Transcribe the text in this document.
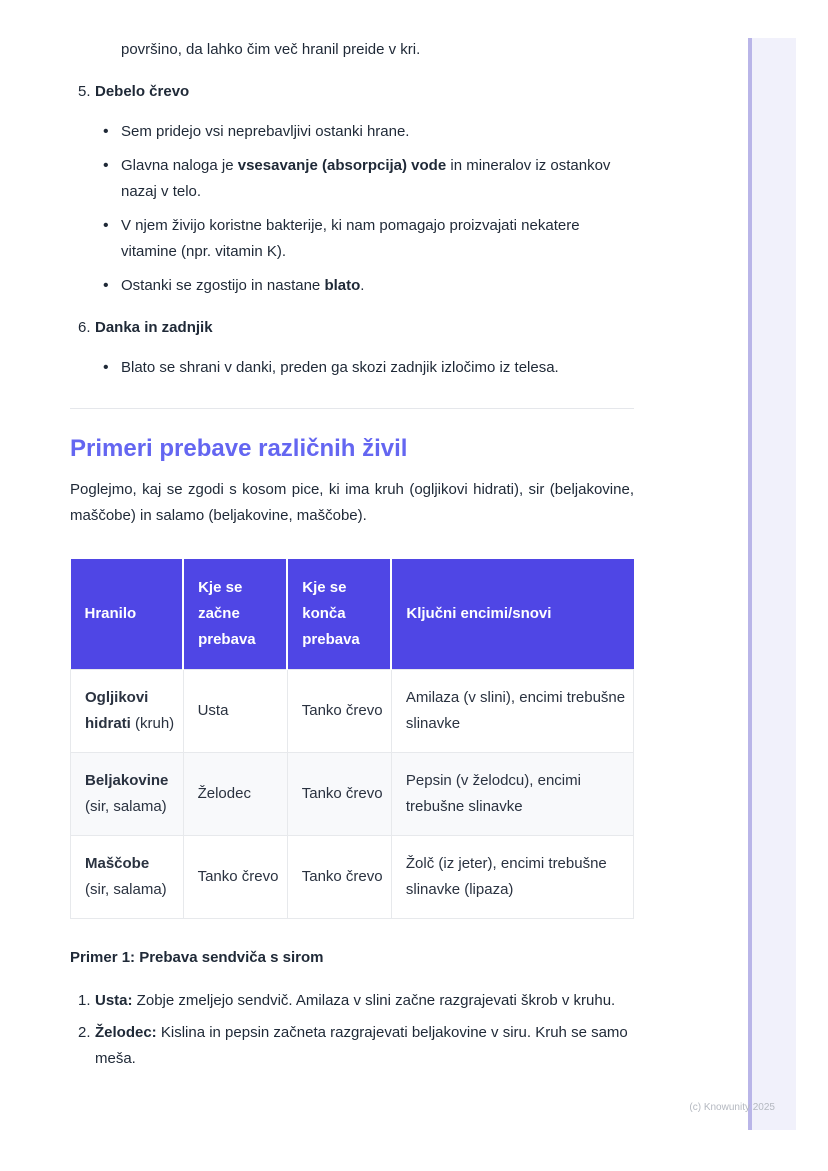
površino, da lahko čim več hranil preide v kri.

5. Debelo črevo
• Sem pridejo vsi neprebavljivi ostanki hrane.
• Glavna naloga je vsesavanje (absorpcija) vode in mineralov iz ostankov nazaj v telo.
• V njem živijo koristne bakterije, ki nam pomagajo proizvajati nekatere vitamine (npr. vitamin K).
• Ostanki se zgostijo in nastane blato.
6. Danka in zadnjik
• Blato se shrani v danki, preden ga skozi zadnjik izločimo iz telesa.
Primeri prebave različnih živil

Poglejmo, kaj se zgodi s kosom pice, ki ima kruh (ogljikovi hidrati), sir (beljakovine, maščobe) in salamo (beljakovine, maščobe).

Hranilo	Kje se začne prebava	Kje se konča prebava	Ključni encimi/snovi
Ogljikovi hidrati (kruh)	Usta	Tanko črevo	Amilaza (v slini), encimi trebušne slinavke
Beljakovine (sir, salama)	Želodec	Tanko črevo	Pepsin (v želodcu), encimi trebušne slinavke
Maščobe (sir, salama)	Tanko črevo	Tanko črevo	Žolč (iz jeter), encimi trebušne slinavke (lipaza)
Primer 1: Prebava sendviča s sirom
1. Usta: Zobje zmeljejo sendvič. Amilaza v slini začne razgrajevati škrob v kruhu.
2. Želodec: Kislina in pepsin začneta razgrajevati beljakovine v siru. Kruh se samo meša.
(c) Knowunity 2025
